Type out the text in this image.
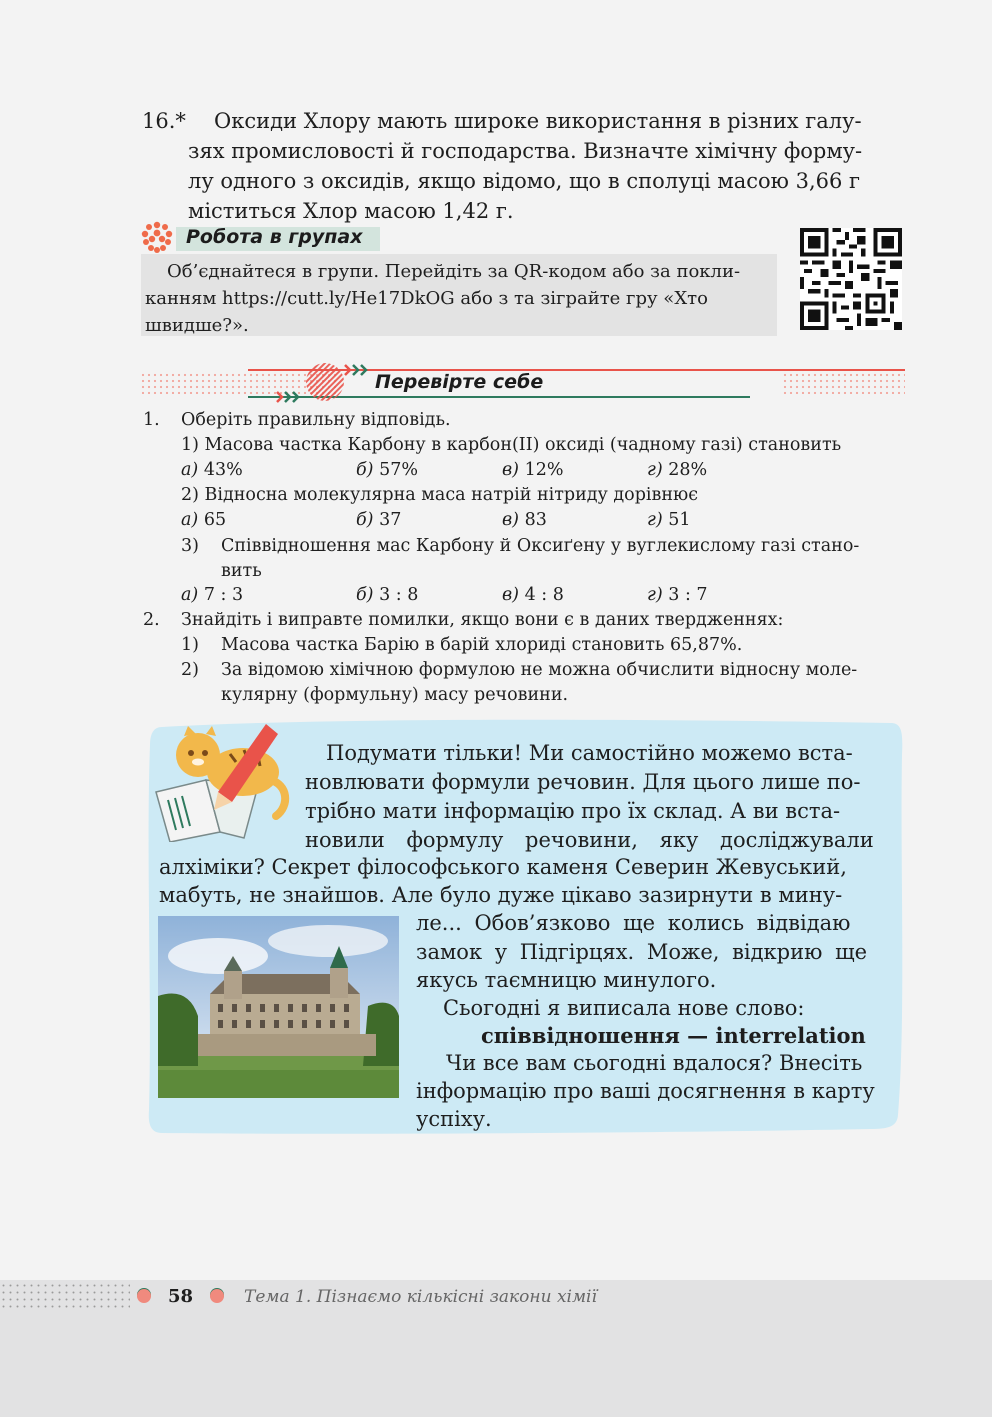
16.* Оксиди Хлору мають широке використання в різних галу-
зях промисловості й господарства. Визначте хімічну форму-
лу одного з оксидів, якщо відомо, що в сполуці масою 3,66 г
міститься Хлор масою 1,42 г.
Робота в групах
Об’єднайтеся в групи. Перейдіть за QR-кодом або за покли-
канням https://cutt.ly/He17DkOG або з та зіграйте гру «Хто
швидше?».
Перевірте себе
1. Оберіть правильну відповідь.
1) Масова частка Карбону в карбон(ІІ) оксиді (чадному газі) становить
а) 43%	б) 57%	в) 12%	г) 28%
2) Відносна молекулярна маса натрій нітриду дорівнює
а) 65	б) 37	в) 83	г) 51
3) Співвідношення мас Карбону й Оксиґену у вуглекислому газі стано-
вить
а) 7 : 3	б) 3 : 8	в) 4 : 8	г) 3 : 7
2. Знайдіть і виправте помилки, якщо вони є в даних твердженнях:
1) Масова частка Барію в барій хлориді становить 65,87%.
2) За відомою хімічною формулою не можна обчислити відносну моле-
кулярну (формульну) масу речовини.
Подумати тільки! Ми самостійно можемо вста-
новлювати формули речовин. Для цього лише по-
трібно мати інформацію про їх склад. А ви вста-
новили формулу речовини, яку досліджували
алхіміки? Секрет філософського каменя Северин Жевуський,
мабуть, не знайшов. Але було дуже цікаво зазирнути в мину-
ле... Обов’язково ще колись відвідаю
замок у Підгірцях. Може, відкрию ще
якусь таємницю минулого.
Сьогодні я виписала нове слово:
співвідношення — interrelation
Чи все вам сьогодні вдалося? Внесіть
інформацію про ваші досягнення в карту
успіху.
58	Тема 1. Пізнаємо кількісні закони хімії
